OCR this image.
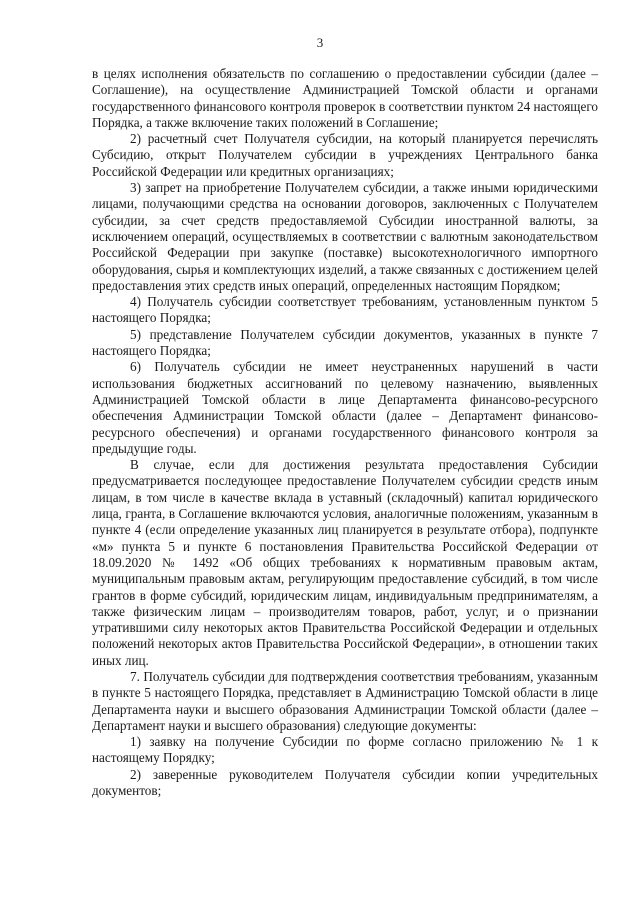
3

в целях исполнения обязательств по соглашению о предоставлении субсидии (далее – Соглашение), на осуществление Администрацией Томской области и органами государственного финансового контроля проверок в соответствии пунктом 24 настоящего Порядка, а также включение таких положений в Соглашение;

2) расчетный счет Получателя субсидии, на который планируется перечислять Субсидию, открыт Получателем субсидии в учреждениях Центрального банка Российской Федерации или кредитных организациях;

3) запрет на приобретение Получателем субсидии, а также иными юридическими лицами, получающими средства на основании договоров, заключенных с Получателем субсидии, за счет средств предоставляемой Субсидии иностранной валюты, за исключением операций, осуществляемых в соответствии с валютным законодательством Российской Федерации при закупке (поставке) высокотехнологичного импортного оборудования, сырья и комплектующих изделий, а также связанных с достижением целей предоставления этих средств иных операций, определенных настоящим Порядком;

4) Получатель субсидии соответствует требованиям, установленным пунктом 5 настоящего Порядка;

5) представление Получателем субсидии документов, указанных в пункте 7 настоящего Порядка;

6) Получатель субсидии не имеет неустраненных нарушений в части использования бюджетных ассигнований по целевому назначению, выявленных Администрацией Томской области в лице Департамента финансово-ресурсного обеспечения Администрации Томской области (далее – Департамент финансово-ресурсного обеспечения) и органами государственного финансового контроля за предыдущие годы.

В случае, если для достижения результата предоставления Субсидии предусматривается последующее предоставление Получателем субсидии средств иным лицам, в том числе в качестве вклада в уставный (складочный) капитал юридического лица, гранта, в Соглашение включаются условия, аналогичные положениям, указанным в пункте 4 (если определение указанных лиц планируется в результате отбора), подпункте «м» пункта 5 и пункте 6 постановления Правительства Российской Федерации от 18.09.2020 № 1492 «Об общих требованиях к нормативным правовым актам, муниципальным правовым актам, регулирующим предоставление субсидий, в том числе грантов в форме субсидий, юридическим лицам, индивидуальным предпринимателям, а также физическим лицам – производителям товаров, работ, услуг, и о признании утратившими силу некоторых актов Правительства Российской Федерации и отдельных положений некоторых актов Правительства Российской Федерации», в отношении таких иных лиц.

7. Получатель субсидии для подтверждения соответствия требованиям, указанным в пункте 5 настоящего Порядка, представляет в Администрацию Томской области в лице Департамента науки и высшего образования Администрации Томской области (далее – Департамент науки и высшего образования) следующие документы:

1) заявку на получение Субсидии по форме согласно приложению № 1 к настоящему Порядку;

2) заверенные руководителем Получателя субсидии копии учредительных документов;
